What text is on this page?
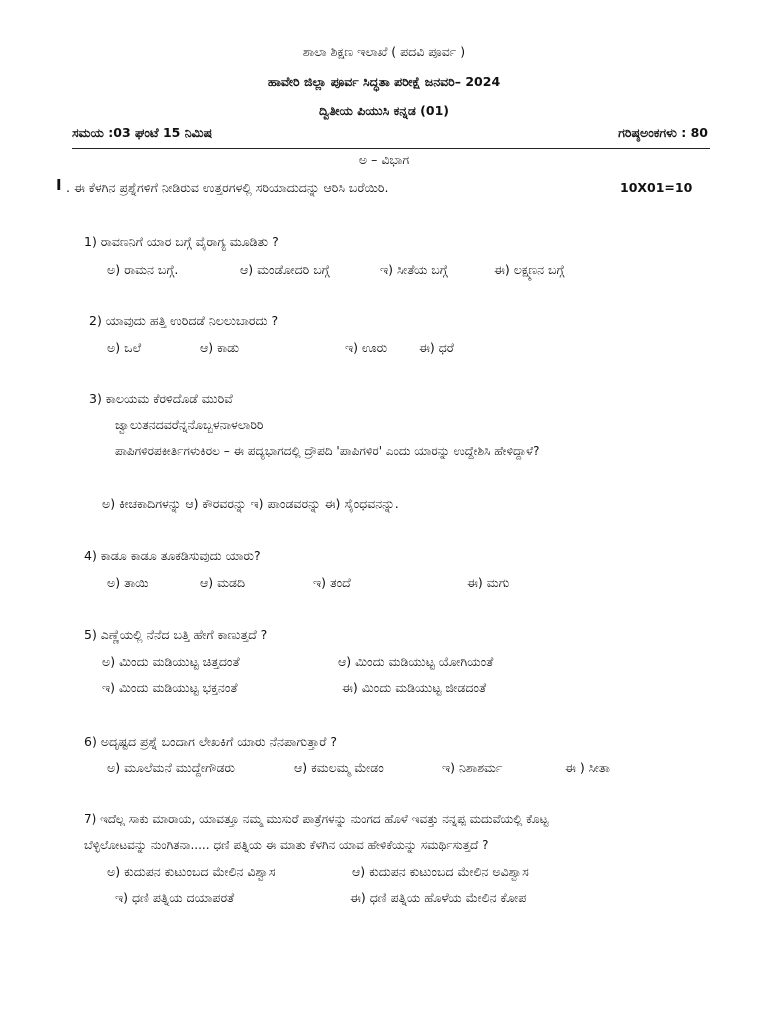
ಶಾಲಾ ಶಿಕ್ಷಣ ಇಲಾಖೆ ( ಪದವಿ ಪೂರ್ವ )
ಹಾವೇರಿ ಜಿಲ್ಲಾ ಪೂರ್ವ ಸಿದ್ಧತಾ ಪರೀಕ್ಷೆ ಜನವರಿ– 2024
ದ್ವಿತೀಯ ಪಿಯುಸಿ ಕನ್ನಡ (01)
ಸಮಯ :03 ಘಂಟೆ 15 ನಿಮಿಷ	ಗರಿಷ್ಠಅಂಕಗಳು : 80
ಅ – ವಿಭಾಗ
I . ಈ ಕೆಳಗಿನ ಪ್ರಶ್ನೆಗಳಿಗೆ ನೀಡಿರುವ ಉತ್ತರಗಳಲ್ಲಿ ಸರಿಯಾದುದನ್ನು ಆರಿಸಿ ಬರೆಯಿರಿ.	10X01=10
1) ರಾವಣನಿಗೆ ಯಾರ ಬಗ್ಗೆ ವೈರಾಗ್ಯ ಮೂಡಿತು ?
ಅ) ರಾಮನ ಬಗ್ಗೆ.	ಆ) ಮಂಡೋದರಿ ಬಗ್ಗೆ	ಇ) ಸೀತೆಯ ಬಗ್ಗೆ	ಈ) ಲಕ್ಷ್ಮಣನ ಬಗ್ಗೆ
2) ಯಾವುದು ಹತ್ತಿ ಉರಿದಡೆ ನಿಲಲುಬಾರದು ?
ಅ) ಒಲೆ	ಆ) ಕಾಡು	ಇ) ಊರು	ಈ) ಧರೆ
3) ಕಾಲಯಮ ಕೆರಳಿದೊಡೆ ಮುರಿವೆ
ಜ್ವಾಲುತನದವರೆನ್ನನೊಬ್ಬಳನಾಳಲಾರಿರಿ
ಪಾಪಿಗಳಿರಪಕೀರ್ತಿಗಳುಕಿರಲ – ಈ ಪದ್ಯಭಾಗದಲ್ಲಿ ದ್ರೌಪದಿ 'ಪಾಪಿಗಳಿರ' ಎಂದು ಯಾರನ್ನು ಉದ್ದೇಶಿಸಿ ಹೇಳಿದ್ದಾಳೆ?
ಅ) ಕೀಚಕಾದಿಗಳನ್ನು ಆ) ಕೌರವರನ್ನು ಇ) ಪಾಂಡವರನ್ನು ಈ) ಸೈಂಧವನನ್ನು.
4) ಕಾಡೂ ಕಾಡೂ ತೂಕಡಿಸುವುದು ಯಾರು?
ಅ) ತಾಯಿ	ಆ) ಮಡದಿ	ಇ) ತಂದೆ	ಈ) ಮಗು
5) ಎಣ್ಣೆಯಲ್ಲಿ ನೆನೆದ ಬತ್ತಿ ಹೇಗೆ ಕಾಣುತ್ತದೆ ?
ಅ) ಮಿಂದು ಮಡಿಯುಟ್ಟ ಚಿತ್ತದಂತೆ	ಆ) ಮಿಂದು ಮಡಿಯುಟ್ಟ ಯೋಗಿಯಂತೆ
ಇ) ಮಿಂದು ಮಡಿಯುಟ್ಟ ಭಕ್ತನಂತೆ	ಈ) ಮಿಂದು ಮಡಿಯುಟ್ಟ ಜೀಡದಂತೆ
6) ಅದೃಷ್ಟದ ಪ್ರಶ್ನೆ ಬಂದಾಗ ಲೇಖಕಿಗೆ ಯಾರು ನೆನಪಾಗುತ್ತಾರೆ ?
ಅ) ಮೂಲೆಮನೆ ಮುದ್ದೇಗೌಡರು	ಆ) ಕಮಲಮ್ಮ ಮೇಡಂ	ಇ) ನಿಶಾಶರ್ಮ	ಈ ) ಸೀತಾ
7) ಇದೆಲ್ಲ ಸಾಕು ಮಾರಾಯ, ಯಾವತ್ತೂ ನಮ್ಮ ಮುಸುರೆ ಪಾತ್ರೆಗಳನ್ನು ನುಂಗದ ಹೊಳೆ ಇವತ್ತು ನನ್ನಪ್ಪ ಮದುವೆಯಲ್ಲಿ ಕೊಟ್ಟ
ಬೆಳ್ಳಿಲೋಟವನ್ನು ನುಂಗಿತನಾ..... ಧಣಿ ಪತ್ನಿಯ ಈ ಮಾತು ಕೆಳಗಿನ ಯಾವ ಹೇಳಿಕೆಯನ್ನು ಸಮರ್ಥಿಸುತ್ತದೆ ?
ಅ) ಕುದುಪನ ಕುಟುಂಬದ ಮೇಲಿನ ವಿಶ್ವಾಸ	ಆ) ಕುದುಪನ ಕುಟುಂಬದ ಮೇಲಿನ ಅವಿಶ್ವಾಸ
ಇ) ಧಣಿ ಪತ್ನಿಯ ದಯಾಪರತೆ	ಈ) ಧಣಿ ಪತ್ನಿಯ ಹೊಳೆಯ ಮೇಲಿನ ಕೋಪ
